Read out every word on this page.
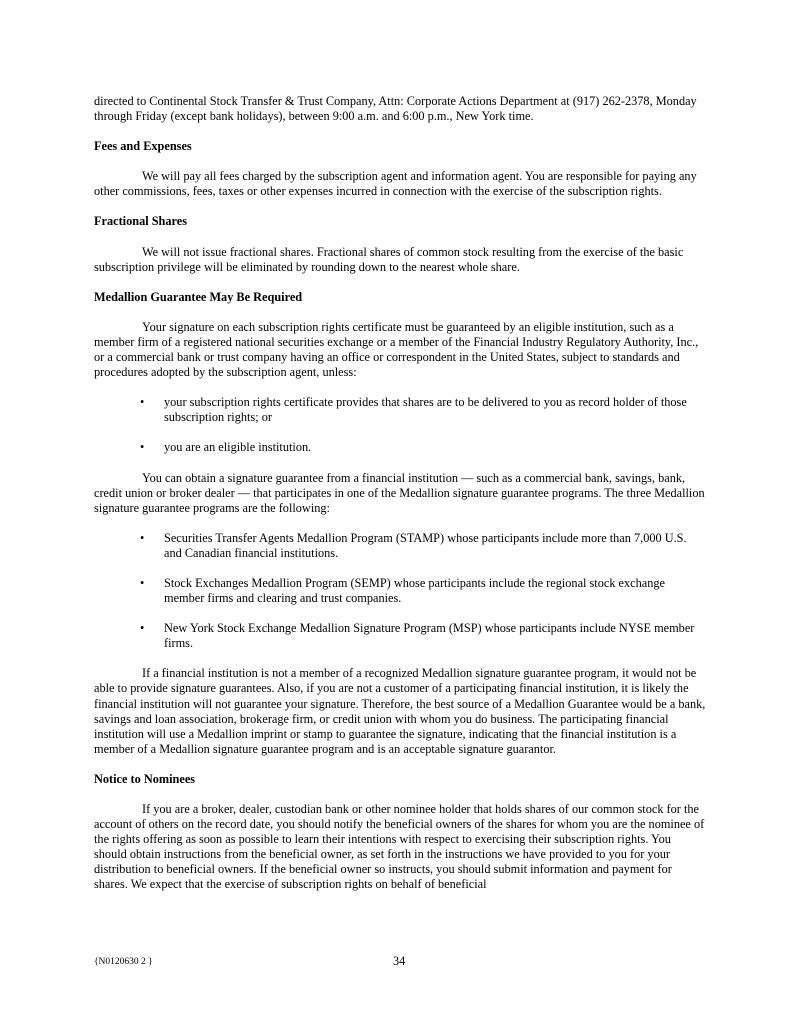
directed to Continental Stock Transfer & Trust Company, Attn: Corporate Actions Department at (917) 262-2378, Monday through Friday (except bank holidays), between 9:00 a.m. and 6:00 p.m., New York time.

Fees and Expenses

We will pay all fees charged by the subscription agent and information agent. You are responsible for paying any other commissions, fees, taxes or other expenses incurred in connection with the exercise of the subscription rights.

Fractional Shares

We will not issue fractional shares. Fractional shares of common stock resulting from the exercise of the basic subscription privilege will be eliminated by rounding down to the nearest whole share.

Medallion Guarantee May Be Required

Your signature on each subscription rights certificate must be guaranteed by an eligible institution, such as a member firm of a registered national securities exchange or a member of the Financial Industry Regulatory Authority, Inc., or a commercial bank or trust company having an office or correspondent in the United States, subject to standards and procedures adopted by the subscription agent, unless:

• your subscription rights certificate provides that shares are to be delivered to you as record holder of those subscription rights; or
• you are an eligible institution.

You can obtain a signature guarantee from a financial institution — such as a commercial bank, savings, bank, credit union or broker dealer — that participates in one of the Medallion signature guarantee programs. The three Medallion signature guarantee programs are the following:

• Securities Transfer Agents Medallion Program (STAMP) whose participants include more than 7,000 U.S. and Canadian financial institutions.
• Stock Exchanges Medallion Program (SEMP) whose participants include the regional stock exchange member firms and clearing and trust companies.
• New York Stock Exchange Medallion Signature Program (MSP) whose participants include NYSE member firms.

If a financial institution is not a member of a recognized Medallion signature guarantee program, it would not be able to provide signature guarantees. Also, if you are not a customer of a participating financial institution, it is likely the financial institution will not guarantee your signature. Therefore, the best source of a Medallion Guarantee would be a bank, savings and loan association, brokerage firm, or credit union with whom you do business. The participating financial institution will use a Medallion imprint or stamp to guarantee the signature, indicating that the financial institution is a member of a Medallion signature guarantee program and is an acceptable signature guarantor.

Notice to Nominees

If you are a broker, dealer, custodian bank or other nominee holder that holds shares of our common stock for the account of others on the record date, you should notify the beneficial owners of the shares for whom you are the nominee of the rights offering as soon as possible to learn their intentions with respect to exercising their subscription rights. You should obtain instructions from the beneficial owner, as set forth in the instructions we have provided to you for your distribution to beneficial owners. If the beneficial owner so instructs, you should submit information and payment for shares. We expect that the exercise of subscription rights on behalf of beneficial

{N0120630 2 }	34
